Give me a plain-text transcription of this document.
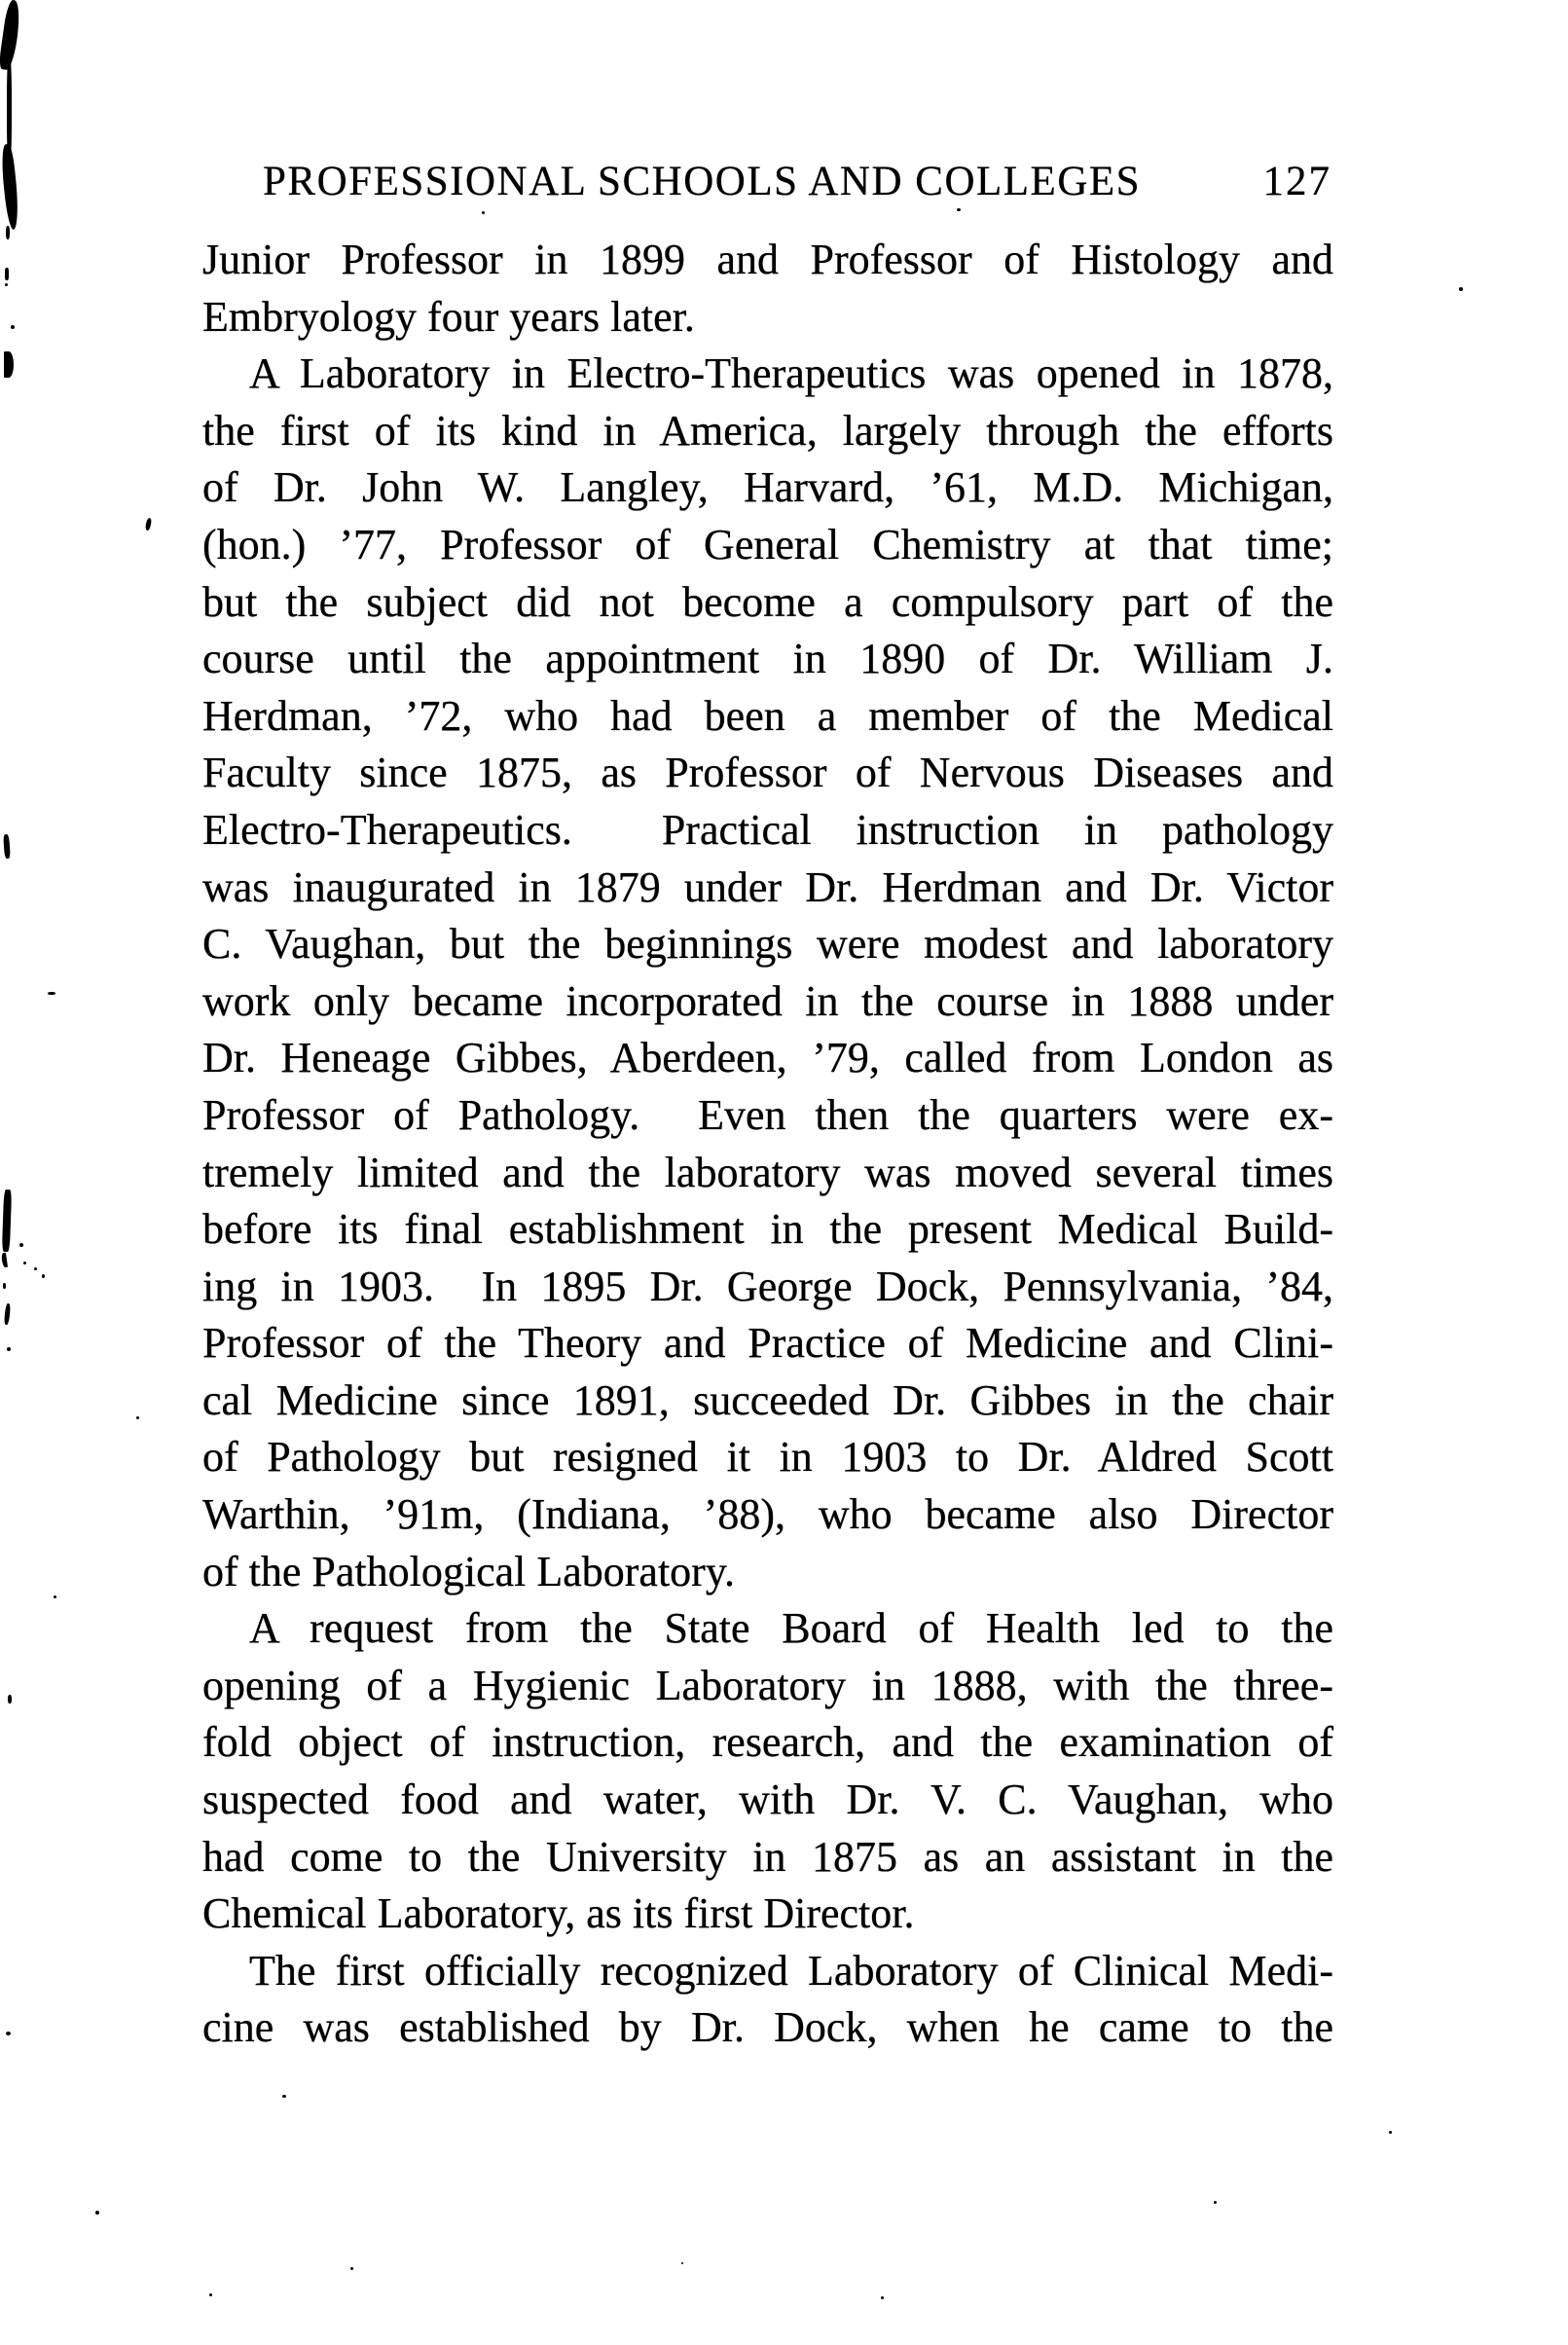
PROFESSIONAL SCHOOLS AND COLLEGES	127
Junior Professor in 1899 and Professor of Histology and
Embryology four years later.
A Laboratory in Electro-Therapeutics was opened in 1878,
the first of its kind in America, largely through the efforts
of Dr. John W. Langley, Harvard, ’61, M.D. Michigan,
(hon.) ’77, Professor of General Chemistry at that time;
but the subject did not become a compulsory part of the
course until the appointment in 1890 of Dr. William J.
Herdman, ’72, who had been a member of the Medical
Faculty since 1875, as Professor of Nervous Diseases and
Electro-Therapeutics.  Practical instruction in pathology
was inaugurated in 1879 under Dr. Herdman and Dr. Victor
C. Vaughan, but the beginnings were modest and laboratory
work only became incorporated in the course in 1888 under
Dr. Heneage Gibbes, Aberdeen, ’79, called from London as
Professor of Pathology.  Even then the quarters were ex-
tremely limited and the laboratory was moved several times
before its final establishment in the present Medical Build-
ing in 1903.  In 1895 Dr. George Dock, Pennsylvania, ’84,
Professor of the Theory and Practice of Medicine and Clini-
cal Medicine since 1891, succeeded Dr. Gibbes in the chair
of Pathology but resigned it in 1903 to Dr. Aldred Scott
Warthin, ’91m, (Indiana, ’88), who became also Director
of the Pathological Laboratory.
A request from the State Board of Health led to the
opening of a Hygienic Laboratory in 1888, with the three-
fold object of instruction, research, and the examination of
suspected food and water, with Dr. V. C. Vaughan, who
had come to the University in 1875 as an assistant in the
Chemical Laboratory, as its first Director.
The first officially recognized Laboratory of Clinical Medi-
cine was established by Dr. Dock, when he came to the
